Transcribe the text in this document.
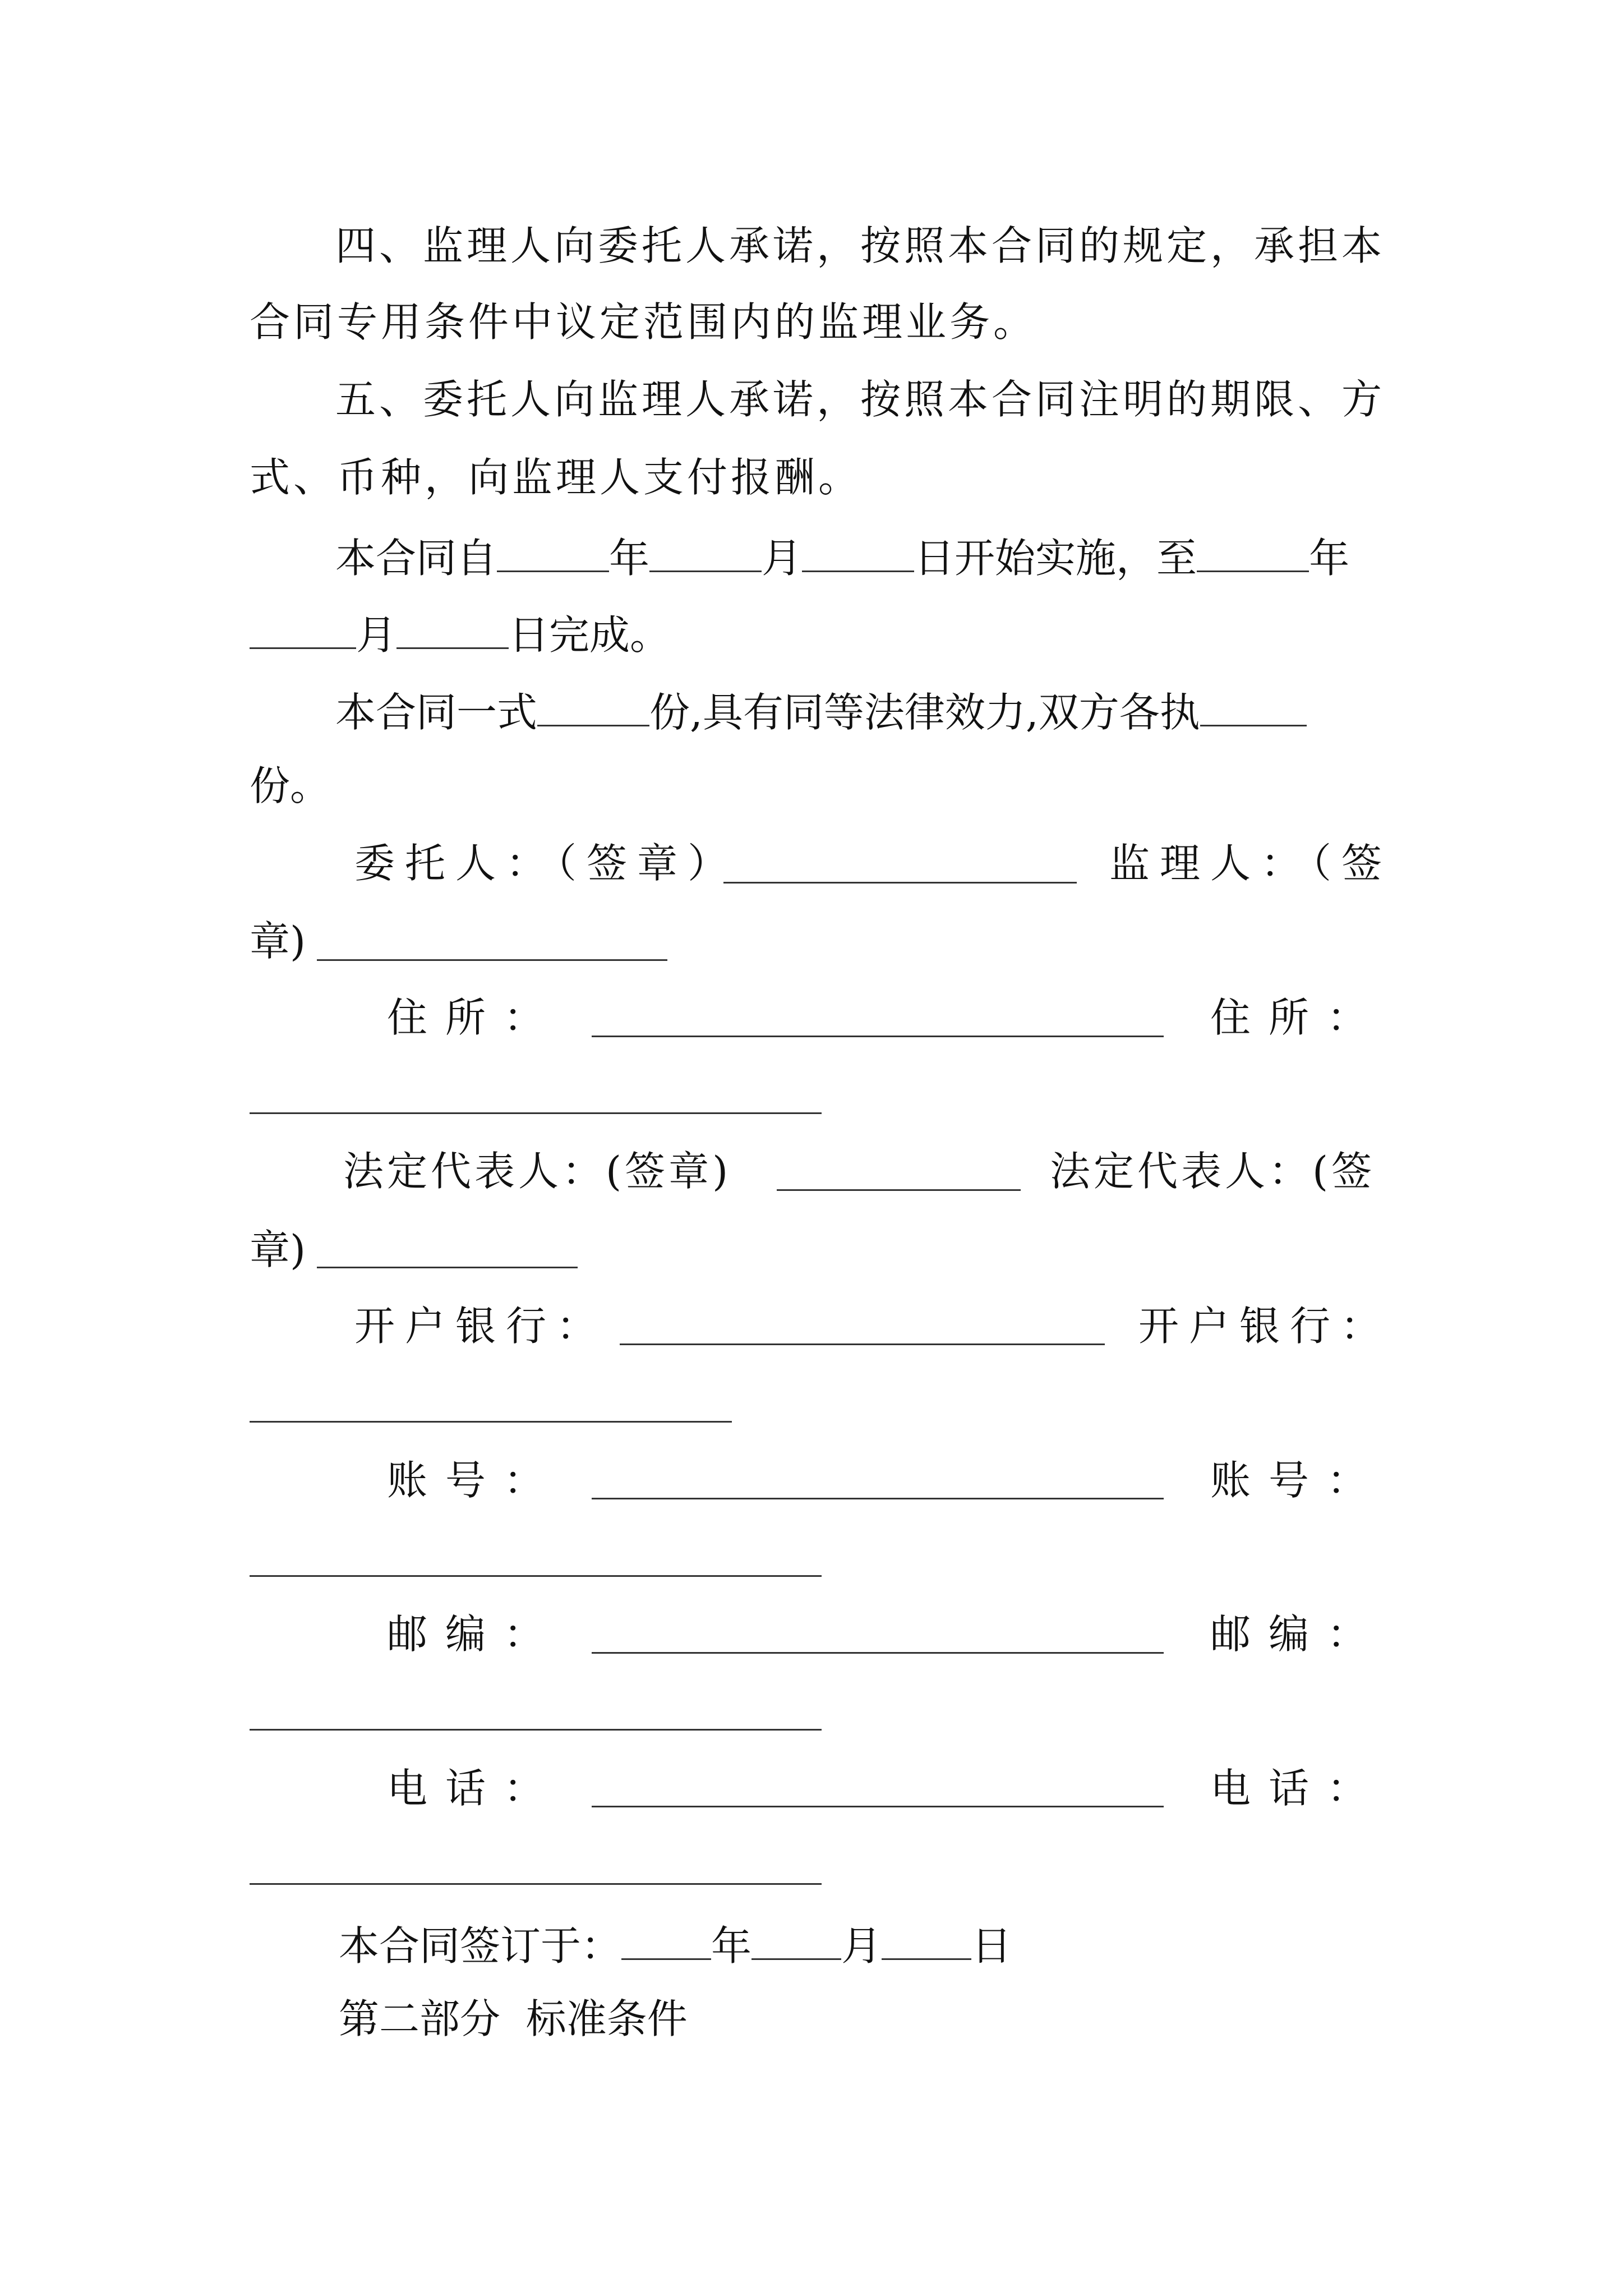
四、监理人向委托人承诺，按照本合同的规定，承担本
合同专用条件中议定范围内的监理业务。
五、委托人向监理人承诺，按照本合同注明的期限、方
式、币种，向监理人支付报酬。
本合同自	年	月	日开始实施，至	年
月	日完成。
本合同一式	份,具有同等法律效力,双方各执
份。
委托人：（签章）	监理人：（签
章)
住所：	住所：
法定代表人：(签章)	法定代表人：(签
章)
开户银行：	开户银行：
账号：	账号：
邮编：	邮编：
电话：	电话：
本合同签订于： 年 月 日
第二部分  标准条件
